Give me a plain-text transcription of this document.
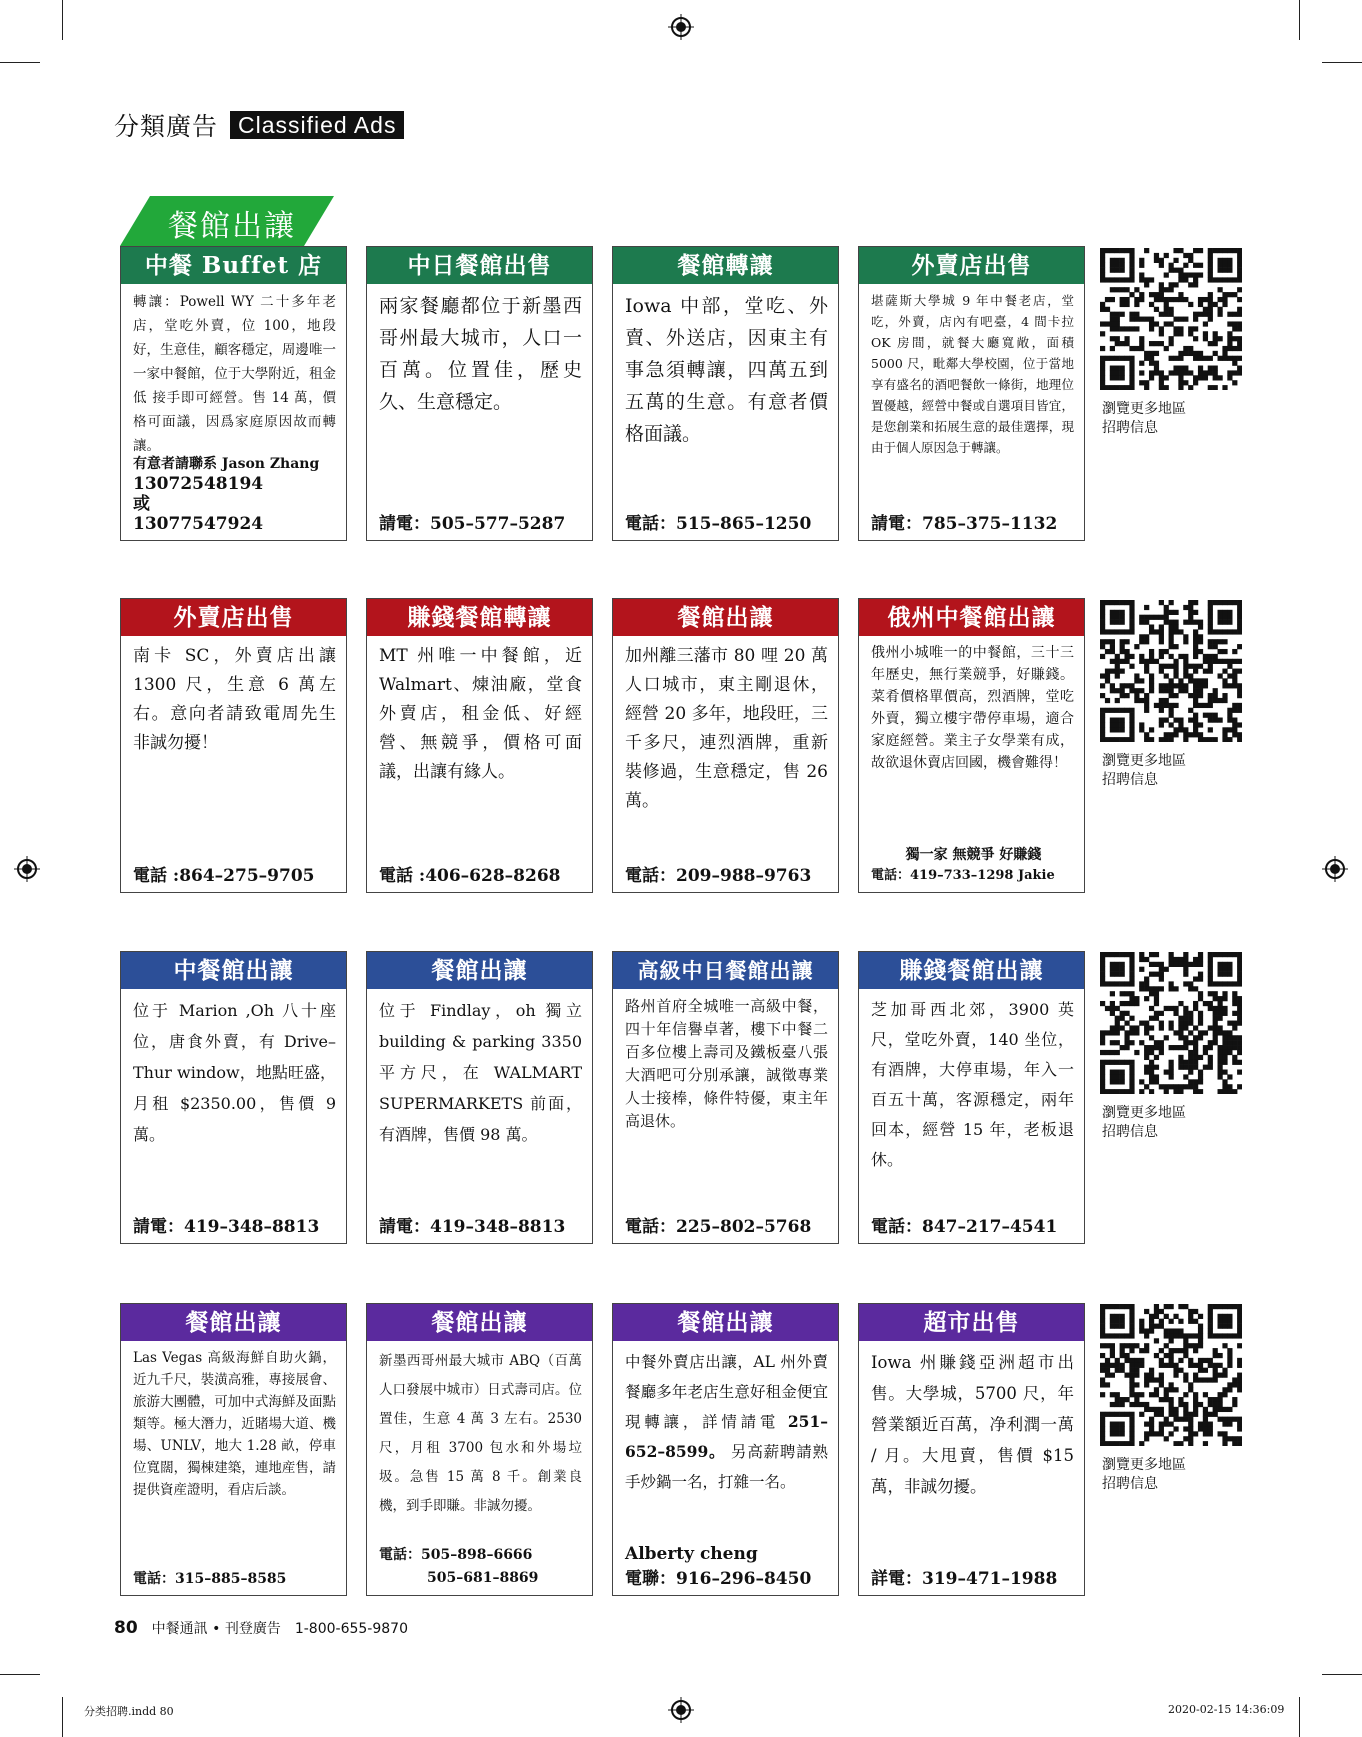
分類廣告 Classified Ads
餐館出讓
中餐 Buffet 店
轉讓：Powell WY 二十多年老店，堂吃外賣，位 100，地段好，生意佳，顧客穩定，周邊唯一一家中餐館，位于大學附近，租金低 接手即可經營。售 14 萬，價格可面議，因爲家庭原因故而轉讓。
有意者請聯系 Jason Zhang
13072548194 或 13077547924
中日餐館出售
兩家餐廳都位于新墨西哥州最大城市，人口一百萬。位置佳，歷史久、生意穩定。
請電：505–577–5287
餐館轉讓
Iowa 中部，堂吃、外賣、外送店，因東主有事急須轉讓，四萬五到五萬的生意。有意者價格面議。
電話：515–865–1250
外賣店出售
堪薩斯大學城 9 年中餐老店，堂吃，外賣，店內有吧臺，4 間卡拉 OK 房間，就餐大廳寬敞，面積 5000 尺，毗鄰大學校園，位于當地享有盛名的酒吧餐飲一條街，地理位置優越，經營中餐或自選項目皆宜，是您創業和拓展生意的最佳選擇，現由于個人原因急于轉讓。
請電：785–375–1132
外賣店出售
南卡 SC，外賣店出讓 1300 尺，生意 6 萬左右。意向者請致電周先生 非誠勿擾！
電話 :864–275–9705
賺錢餐館轉讓
MT 州唯一中餐館，近 Walmart、煉油廠，堂食外賣店，租金低、好經營、無競爭，價格可面議，出讓有緣人。
電話 :406–628–8268
餐館出讓
加州離三藩市 80 哩 20 萬人口城市，東主剛退休，經營 20 多年，地段旺，三千多尺，連烈酒牌，重新裝修過，生意穩定，售 26 萬。
電話：209–988–9763
俄州中餐館出讓
俄州小城唯一的中餐館，三十三年歷史，無行業競爭，好賺錢。菜肴價格單價高，烈酒牌，堂吃外賣，獨立樓宇帶停車場，適合家庭經營。業主子女學業有成，故欲退休賣店回國，機會難得！
獨一家 無競爭 好賺錢
電話：419–733–1298 Jakie
中餐館出讓
位于 Marion ,Oh 八十座位，唐食外賣，有 Drive–Thur window，地點旺盛，月租 $2350.00，售價 9 萬。
請電：419–348–8813
餐館出讓
位于 Findlay，oh 獨立 building & parking 3350 平方尺，在 WALMART SUPERMARKETS 前面，有酒牌，售價 98 萬。
請電：419–348–8813
高級中日餐館出讓
路州首府全城唯一高級中餐，四十年信譽卓著，樓下中餐二百多位樓上壽司及鐵板臺八張大酒吧可分別承讓，誠徵專業人士接棒，條件特優，東主年高退休。
電話：225–802–5768
賺錢餐館出讓
芝加哥西北郊，3900 英尺，堂吃外賣，140 坐位，有酒牌，大停車場，年入一百五十萬，客源穩定，兩年回本，經營 15 年，老板退休。
電話：847–217–4541
餐館出讓
Las Vegas 高級海鮮自助火鍋，近九千尺，裝潢高雅，專接展會、旅游大團體，可加中式海鮮及面點類等。極大潛力，近賭場大道、機場、UNLV，地大 1.28 畝，停車位寬闊，獨棟建築，連地産售，請提供資産證明，看店后談。
電話：315–885–8585
餐館出讓
新墨西哥州最大城市 ABQ（百萬人口發展中城市）日式壽司店。位置佳，生意 4 萬 3 左右。2530 尺，月租 3700 包水和外場垃圾。急售 15 萬 8 千。創業良機，到手即賺。非誠勿擾。
電話：505–898–6666
505–681–8869
餐館出讓
中餐外賣店出讓，AL 州外賣餐廳多年老店生意好租金便宜現轉讓，詳情請電 251–652–8599。 另高薪聘請熟手炒鍋一名，打雜一名。
Alberty cheng
電聯：916–296–8450
超市出售
Iowa 州賺錢亞洲超市出售。大學城，5700 尺，年營業額近百萬，净利潤一萬 / 月。大甩賣，售價 $15 萬，非誠勿擾。
詳電：319–471–1988
瀏覽更多地區
招聘信息
瀏覽更多地區
招聘信息
瀏覽更多地區
招聘信息
瀏覽更多地區
招聘信息
80 中餐通訊 • 刊登廣告 1-800-655-9870
分类招聘.indd 80	2020-02-15 14:36:09
